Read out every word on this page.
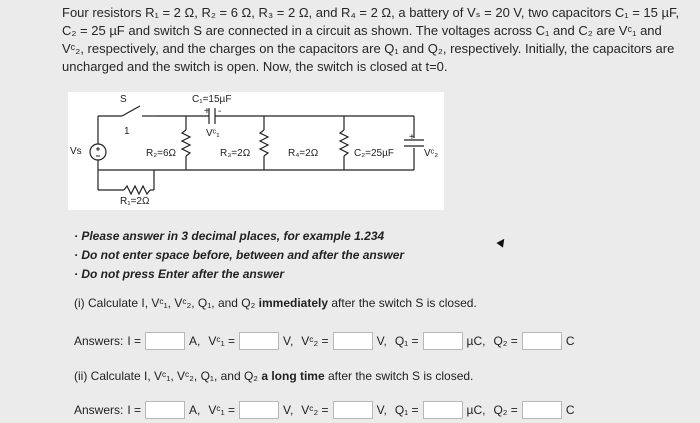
Four resistors R₁ = 2 Ω, R₂ = 6 Ω, R₃ = 2 Ω, and R₄ = 2 Ω, a battery of Vₛ = 20 V, two capacitors C₁ = 15 µF,
C₂ = 25 µF and switch S are connected in a circuit as shown. The voltages across C₁ and C₂ are Vᶜ₁ and
Vᶜ₂, respectively, and the charges on the capacitors are Q₁ and Q₂, respectively. Initially, the capacitors are
uncharged and the switch is open. Now, the switch is closed at t=0.
S
1
C₁=15µF
+ -
Vᶜ₁
Vs	R₂=6Ω	R₃=2Ω	R₄=2Ω	C₂=25µF
+
Vᶜ₂
R₁=2Ω
· Please answer in 3 decimal places, for example 1.234
· Do not enter space before, between and after the answer
· Do not press Enter after the answer
(i) Calculate I, Vᶜ₁, Vᶜ₂, Q₁, and Q₂ immediately after the switch S is closed.
Answers: I =	A, Vᶜ₁ =	V, Vᶜ₂ =	V, Q₁ =	µC, Q₂ =	C
(ii) Calculate I, Vᶜ₁, Vᶜ₂, Q₁, and Q₂ a long time after the switch S is closed.
Answers: I =	A, Vᶜ₁ =	V, Vᶜ₂ =	V, Q₁ =	µC, Q₂ =	C
